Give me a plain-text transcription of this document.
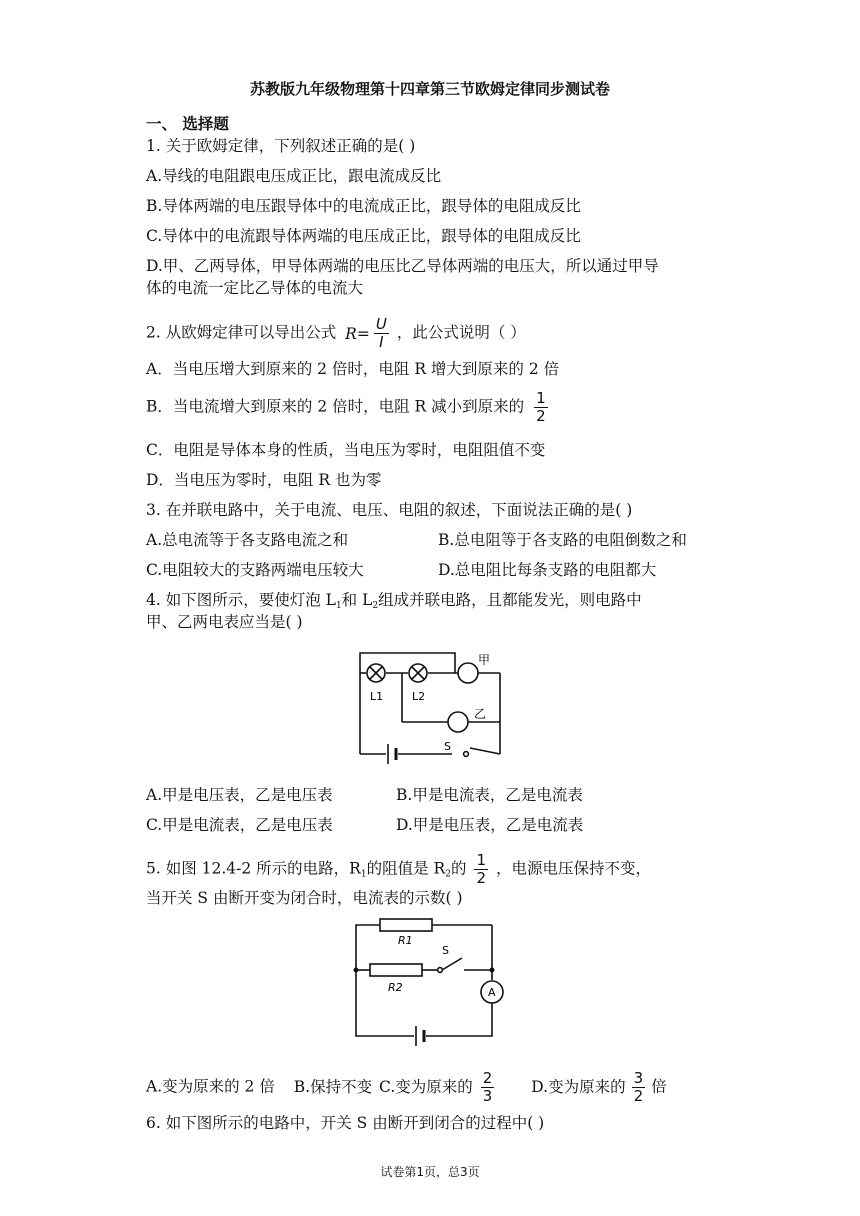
苏教版九年级物理第十四章第三节欧姆定律同步测试卷
一、 选择题
1. 关于欧姆定律，下列叙述正确的是( )
A.导线的电阻跟电压成正比，跟电流成反比
B.导体两端的电压跟导体中的电流成正比，跟导体的电阻成反比
C.导体中的电流跟导体两端的电压成正比，跟导体的电阻成反比
D.甲、乙两导体，甲导体两端的电压比乙导体两端的电压大，所以通过甲导
体的电流一定比乙导体的电流大
2. 从欧姆定律可以导出公式 $R= \frac{U}{I}$ ，此公式说明（ ）
A．当电压增大到原来的 2 倍时，电阻 R 增大到原来的 2 倍
B．当电流增大到原来的 2 倍时，电阻 R 减小到原来的 $\frac{1}{2}$
C．电阻是导体本身的性质，当电压为零时，电阻阻值不变
D．当电压为零时，电阻 R 也为零
3. 在并联电路中，关于电流、电压、电阻的叙述，下面说法正确的是( )
A.总电流等于各支路电流之和	B.总电阻等于各支路的电阻倒数之和
C.电阻较大的支路两端电压较大	D.总电阻比每条支路的电阻都大
4. 如下图所示，要使灯泡 $L_1$和 $L_2$组成并联电路，且都能发光，则电路中
甲、乙两电表应当是( )
L1	L2
甲
乙
S
A.甲是电压表，乙是电压表	B.甲是电流表，乙是电流表
C.甲是电流表，乙是电压表	D.甲是电压表，乙是电流表
5. 如图 12.4-2 所示的电路，$R_1$的阻值是 $R_2$的 $\frac{1}{2}$ ，电源电压保持不变，
当开关 S 由断开变为闭合时，电流表的示数( )
R1
R2
S
A
A.变为原来的 2 倍 B.保持不变 C.变为原来的 $\frac{2}{3} D$.变为原来的 $\frac{3}{2}$ 倍
6. 如下图所示的电路中，开关 S 由断开到闭合的过程中( )
试卷第1页，总3页
